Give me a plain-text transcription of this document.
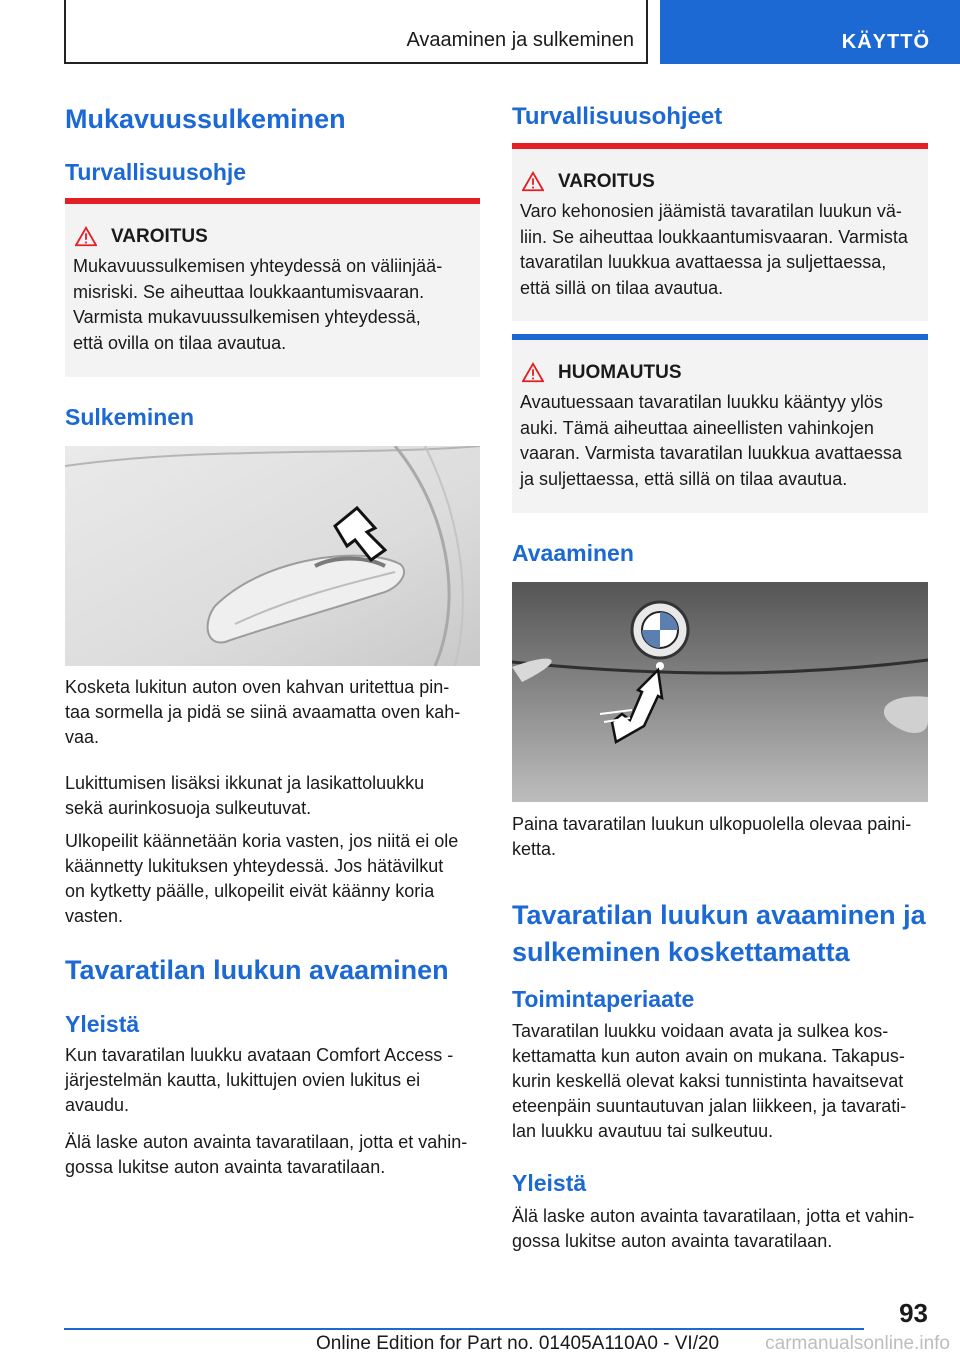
Avaaminen ja sulkeminen	KÄYTTÖ
Mukavuussulkeminen
Turvallisuusohje
VAROITUS
Mukavuussulkemisen yhteydessä on väliinjää-
misriski. Se aiheuttaa loukkaantumisvaaran.
Varmista mukavuussulkemisen yhteydessä,
että ovilla on tilaa avautua.
Sulkeminen
Kosketa lukitun auton oven kahvan uritettua pin-
taa sormella ja pidä se siinä avaamatta oven kah-
vaa.
Lukittumisen lisäksi ikkunat ja lasikattoluukku
sekä aurinkosuoja sulkeutuvat.
Ulkopeilit käännetään koria vasten, jos niitä ei ole
käännetty lukituksen yhteydessä. Jos hätävilkut
on kytketty päälle, ulkopeilit eivät käänny koria
vasten.
Tavaratilan luukun avaaminen
Yleistä
Kun tavaratilan luukku avataan Comfort Access -
järjestelmän kautta, lukittujen ovien lukitus ei
avaudu.
Älä laske auton avainta tavaratilaan, jotta et vahin-
gossa lukitse auton avainta tavaratilaan.
Turvallisuusohjeet
VAROITUS
Varo kehonosien jäämistä tavaratilan luukun vä-
liin. Se aiheuttaa loukkaantumisvaaran. Varmista
tavaratilan luukkua avattaessa ja suljettaessa,
että sillä on tilaa avautua.
HUOMAUTUS
Avautuessaan tavaratilan luukku kääntyy ylös
auki. Tämä aiheuttaa aineellisten vahinkojen
vaaran. Varmista tavaratilan luukkua avattaessa
ja suljettaessa, että sillä on tilaa avautua.
Avaaminen
Paina tavaratilan luukun ulkopuolella olevaa paini-
ketta.
Tavaratilan luukun avaaminen ja
sulkeminen koskettamatta
Toimintaperiaate
Tavaratilan luukku voidaan avata ja sulkea kos-
kettamatta kun auton avain on mukana. Takapus-
kurin keskellä olevat kaksi tunnistinta havaitsevat
eteenpäin suuntautuvan jalan liikkeen, ja tavarati-
lan luukku avautuu tai sulkeutuu.
Yleistä
Älä laske auton avainta tavaratilaan, jotta et vahin-
gossa lukitse auton avainta tavaratilaan.
93
Online Edition for Part no. 01405A110A0 - VI/20 carmanualsonline.info
